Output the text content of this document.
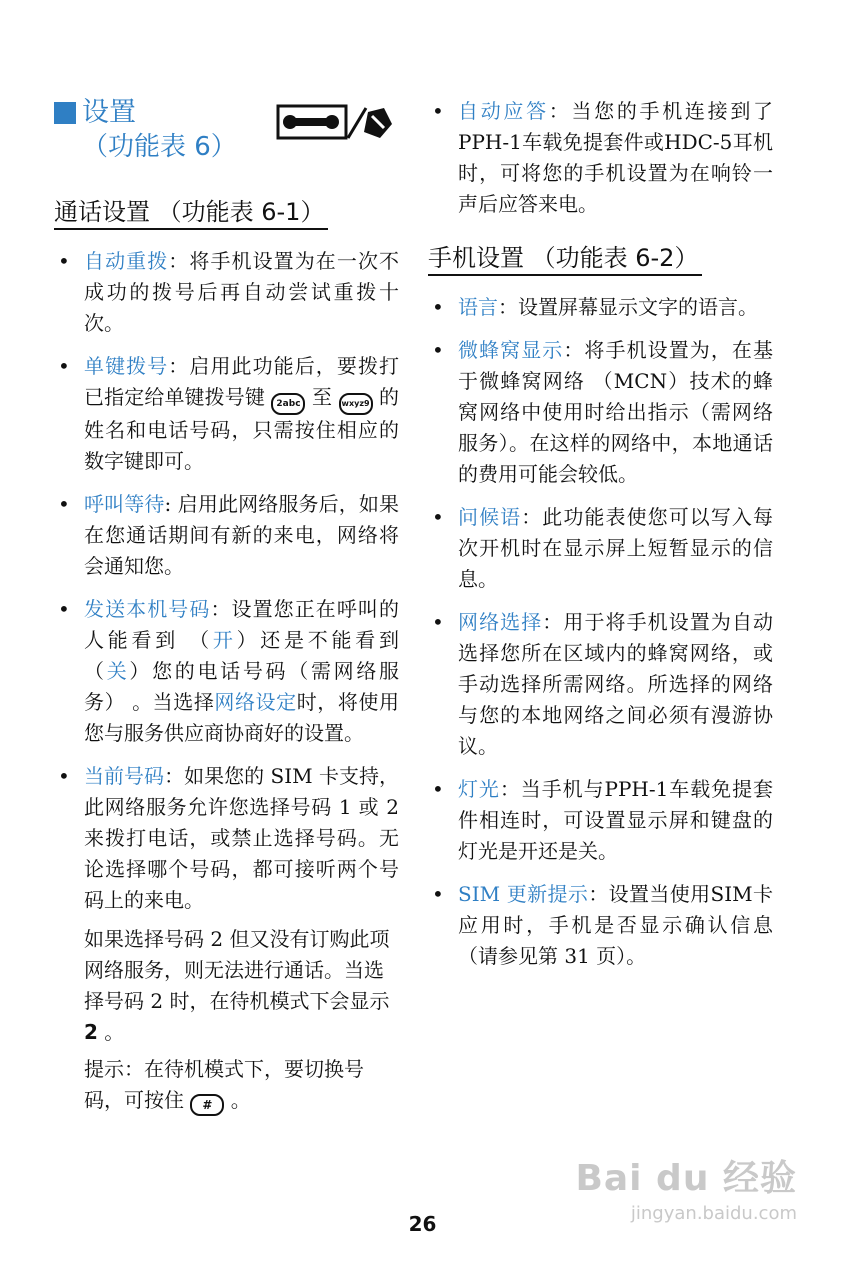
设置
（功能表 6）
通话设置 （功能表 6-1）
• 自动重拨：将手机设置为在一次不成功的拨号后再自动尝试重拨十次。
• 单键拨号：启用此功能后，要拨打已指定给单键拨号键 2abc 至 wxyz9 的姓名和电话号码，只需按住相应的数字键即可。
• 呼叫等待: 启用此网络服务后，如果在您通话期间有新的来电，网络将会通知您。
• 发送本机号码：设置您正在呼叫的人能看到 （开）还是不能看到（关）您的电话号码（需网络服务） 。当选择网络设定时，将使用您与服务供应商协商好的设置。
• 当前号码：如果您的 SIM 卡支持，此网络服务允许您选择号码 1 或 2 来拨打电话，或禁止选择号码。无论选择哪个号码，都可接听两个号码上的来电。
如果选择号码 2 但又没有订购此项网络服务，则无法进行通话。当选择号码 2 时，在待机模式下会显示 2 。
提示：在待机模式下，要切换号码，可按住 # 。
• 自动应答：当您的手机连接到了PPH-1车载免提套件或HDC-5耳机时，可将您的手机设置为在响铃一声后应答来电。
手机设置 （功能表 6-2）
• 语言：设置屏幕显示文字的语言。
• 微蜂窝显示：将手机设置为，在基于微蜂窝网络 （MCN）技术的蜂窝网络中使用时给出指示（需网络服务）。在这样的网络中，本地通话的费用可能会较低。
• 问候语：此功能表使您可以写入每次开机时在显示屏上短暂显示的信息。
• 网络选择：用于将手机设置为自动选择您所在区域内的蜂窝网络，或手动选择所需网络。所选择的网络与您的本地网络之间必须有漫游协议。
• 灯光：当手机与PPH-1车载免提套件相连时，可设置显示屏和键盘的灯光是开还是关。
• SIM 更新提示：设置当使用SIM卡应用时，手机是否显示确认信息 （请参见第 31 页）。
Bai du 经验
jingyan.baidu.com
26
